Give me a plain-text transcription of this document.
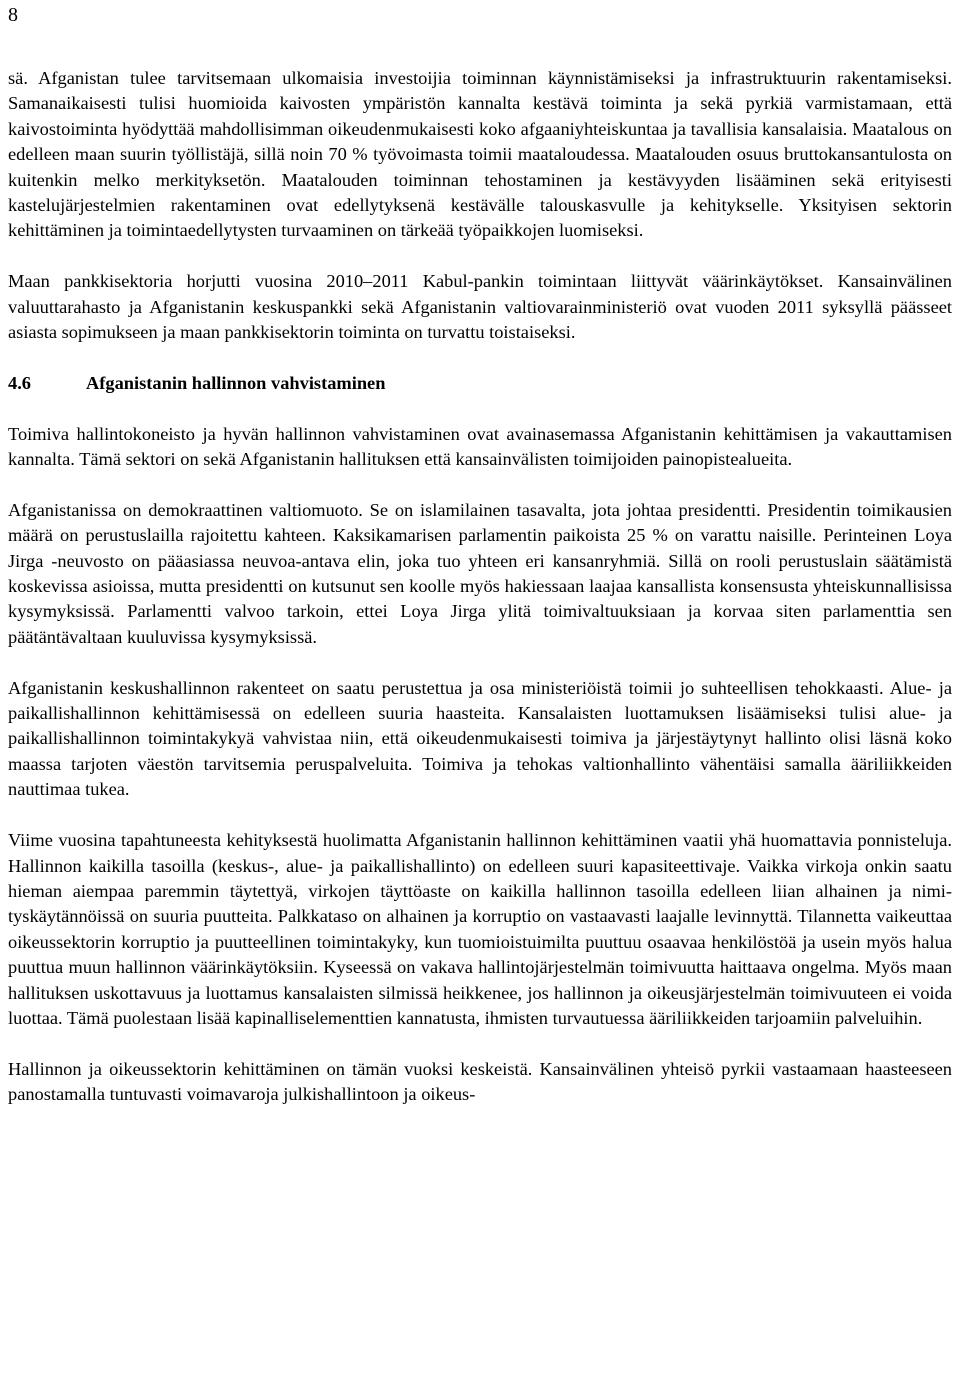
8

sä. Afganistan tulee tarvitsemaan ulkomaisia investoijia toiminnan käynnistämiseksi ja infrastruktuurin rakentamiseksi. Samanaikaisesti tulisi huomioida kaivosten ympäristön kannalta kestävä toiminta ja sekä pyrkiä varmistamaan, että kaivostoiminta hyödyttää mahdollisimman oikeudenmukaisesti koko afgaaniyhteiskuntaa ja tavallisia kansalaisia. Maatalous on edelleen maan suurin työllistäjä, sillä noin 70 % työvoimasta toimii maataloudessa. Maatalouden osuus bruttokansantulosta on kuitenkin melko merkityksetön. Maatalouden toiminnan tehostaminen ja kestävyyden lisääminen sekä erityisesti kastelujärjestelmien rakentaminen ovat edellytyksenä kestävälle talouskasvulle ja kehitykselle. Yksityisen sektorin kehittäminen ja toimintaedellytysten turvaaminen on tärkeää työpaikkojen luomiseksi.

Maan pankkisektoria horjutti vuosina 2010–2011 Kabul-pankin toimintaan liittyvät väärinkäytökset. Kansainvälinen valuuttarahasto ja Afganistanin keskuspankki sekä Afganistanin valtiovarainministeriö ovat vuoden 2011 syksyllä päässeet asiasta sopimukseen ja maan pankkisektorin toiminta on turvattu toistaiseksi.

4.6	Afganistanin hallinnon vahvistaminen

Toimiva hallintokoneisto ja hyvän hallinnon vahvistaminen ovat avainasemassa Afganistanin kehittämisen ja vakauttamisen kannalta. Tämä sektori on sekä Afganistanin hallituksen että kansainvälisten toimijoiden painopistealueita.

Afganistanissa on demokraattinen valtiomuoto. Se on islamilainen tasavalta, jota johtaa presidentti. Presidentin toimikausien määrä on perustuslailla rajoitettu kahteen. Kaksikamarisen parlamentin paikoista 25 % on varattu naisille. Perinteinen Loya Jirga -neuvosto on pääasiassa neuvoa-antava elin, joka tuo yhteen eri kansanryhmiä. Sillä on rooli perustuslain säätämistä koskevissa asioissa, mutta presidentti on kutsunut sen koolle myös hakiessaan laajaa kansallista konsensusta yhteiskunnallisissa kysymyksissä. Parlamentti valvoo tarkoin, ettei Loya Jirga ylitä toimivaltuuksiaan ja korvaa siten parlamenttia sen päätäntävaltaan kuuluvissa kysymyksissä.

Afganistanin keskushallinnon rakenteet on saatu perustettua ja osa ministeriöistä toimii jo suhteellisen tehokkaasti. Alue- ja paikallishallinnon kehittämisessä on edelleen suuria haasteita. Kansalaisten luottamuksen lisäämiseksi tulisi alue- ja paikallishallinnon toimintakykyä vahvistaa niin, että oikeudenmukaisesti toimiva ja järjestäytynyt hallinto olisi läsnä koko maassa tarjoten väestön tarvitsemia peruspalveluita. Toimiva ja tehokas valtionhallinto vähentäisi samalla ääriliikkeiden nauttimaa tukea.

Viime vuosina tapahtuneesta kehityksestä huolimatta Afganistanin hallinnon kehittäminen vaatii yhä huomattavia ponnisteluja. Hallinnon kaikilla tasoilla (keskus-, alue- ja paikallishallinto) on edelleen suuri kapasiteettivaje. Vaikka virkoja onkin saatu hieman aiempaa paremmin täytettyä, virkojen täyttöaste on kaikilla hallinnon tasoilla edelleen liian alhainen ja nimityskäytännöissä on suuria puutteita. Palkkataso on alhainen ja korruptio on vastaavasti laajalle levinnyttä. Tilannetta vaikeuttaa oikeussektorin korruptio ja puutteellinen toimintakyky, kun tuomioistuimilta puuttuu osaavaa henkilöstöä ja usein myös halua puuttua muun hallinnon väärinkäytöksiin. Kyseessä on vakava hallintojärjestelmän toimivuutta haittaava ongelma. Myös maan hallituksen uskottavuus ja luottamus kansalaisten silmissä heikkenee, jos hallinnon ja oikeusjärjestelmän toimivuuteen ei voida luottaa. Tämä puolestaan lisää kapinalliselementtien kannatusta, ihmisten turvautuessa ääriliikkeiden tarjoamiin palveluihin.

Hallinnon ja oikeussektorin kehittäminen on tämän vuoksi keskeistä. Kansainvälinen yhteisö pyrkii vastaamaan haasteeseen panostamalla tuntuvasti voimavaroja julkishallintoon ja oikeus-
